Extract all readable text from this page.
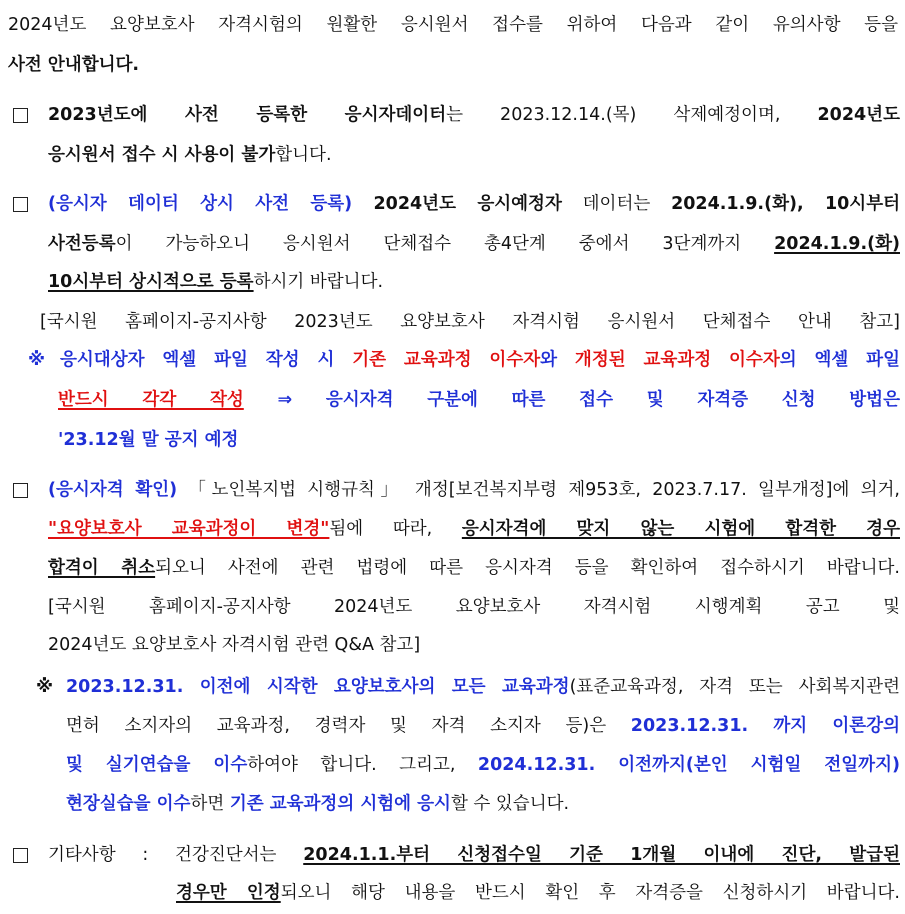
2024년도 요양보호사 자격시험의 원활한 응시원서 접수를 위하여 다음과 같이 유의사항 등을
사전 안내합니다.
2023년도에 사전 등록한 응시자데이터는 2023.12.14.(목) 삭제예정이며, 2024년도
응시원서 접수 시 사용이 불가합니다.
(응시자 데이터 상시 사전 등록) 2024년도 응시예정자 데이터는 2024.1.9.(화), 10시부터
사전등록이 가능하오니 응시원서 단체접수 총4단계 중에서 3단계까지 2024.1.9.(화)
10시부터 상시적으로 등록하시기 바랍니다.
[국시원 홈페이지-공지사항 2023년도 요양보호사 자격시험 응시원서 단체접수 안내 참고]
※ 응시대상자 엑셀 파일 작성 시 기존 교육과정 이수자와 개정된 교육과정 이수자의 엑셀 파일
반드시 각각 작성 ⇒ 응시자격 구분에 따른 접수 및 자격증 신청 방법은
'23.12월 말 공지 예정
(응시자격 확인) 「노인복지법 시행규칙」 개정[보건복지부령 제953호, 2023.7.17. 일부개정]에 의거,
"요양보호사 교육과정이 변경"됨에 따라, 응시자격에 맞지 않는 시험에 합격한 경우
합격이 취소되오니 사전에 관련 법령에 따른 응시자격 등을 확인하여 접수하시기 바랍니다.
[국시원 홈페이지-공지사항 2024년도 요양보호사 자격시험 시행계획 공고 및
2024년도 요양보호사 자격시험 관련 Q&A 참고]
※ 2023.12.31. 이전에 시작한 요양보호사의 모든 교육과정(표준교육과정, 자격 또는 사회복지관련
면허 소지자의 교육과정, 경력자 및 자격 소지자 등)은 2023.12.31. 까지 이론강의
및 실기연습을 이수하여야 합니다. 그리고, 2024.12.31. 이전까지(본인 시험일 전일까지)
현장실습을 이수하면 기존 교육과정의 시험에 응시할 수 있습니다.
기타사항 : 건강진단서는 2024.1.1.부터 신청접수일 기준 1개월 이내에 진단, 발급된
경우만 인정되오니 해당 내용을 반드시 확인 후 자격증을 신청하시기 바랍니다.
